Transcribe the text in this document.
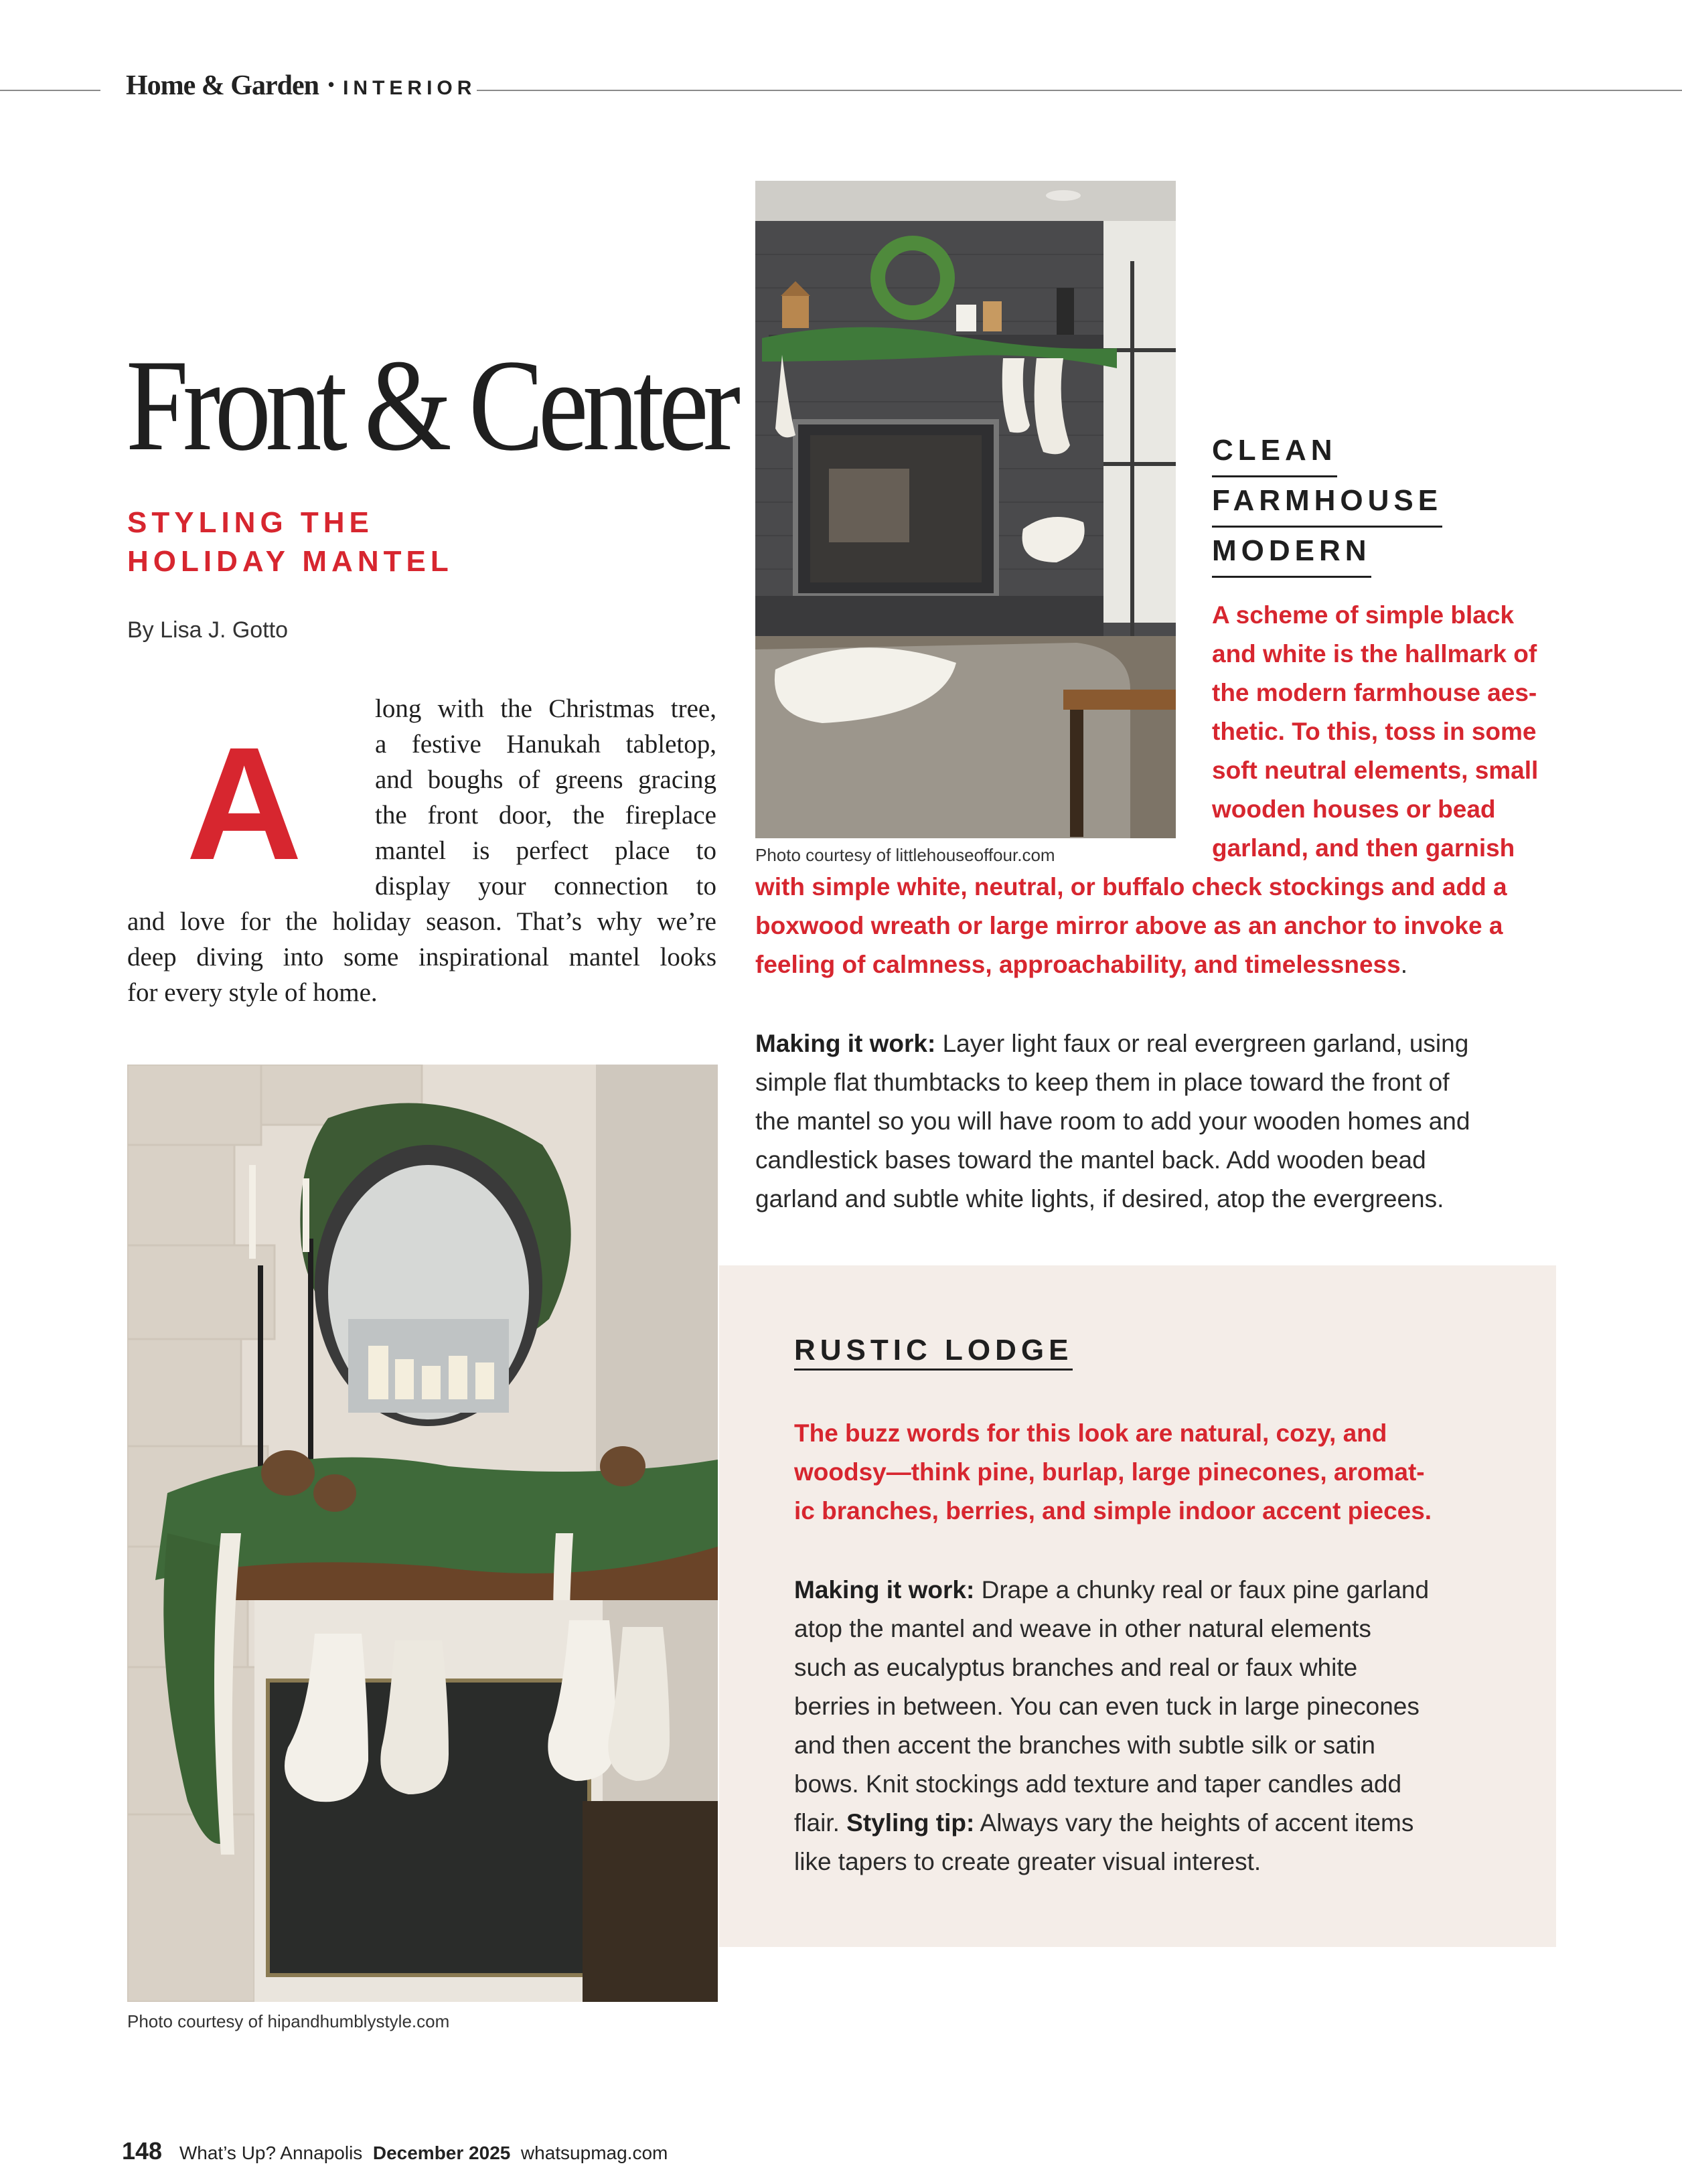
Home & Garden • INTERIOR
Front & Center
STYLING THE
HOLIDAY MANTEL
By Lisa J. Gotto
A
long with the Christmas tree,
a festive Hanukah tabletop,
and boughs of greens gracing
the front door, the fireplace
mantel is perfect place to
display your connection to
and love for the holiday season. That’s why we’re
deep diving into some inspirational mantel looks
for every style of home.
Photo courtesy of littlehouseoffour.com
CLEAN
FARMHOUSE
MODERN
A scheme of simple black
and white is the hallmark of
the modern farmhouse aes-
thetic. To this, toss in some
soft neutral elements, small
wooden houses or bead
garland, and then garnish
with simple white, neutral, or buffalo check stockings and add a
boxwood wreath or large mirror above as an anchor to invoke a
feeling of calmness, approachability, and timelessness.
Making it work: Layer light faux or real evergreen garland, using
simple flat thumbtacks to keep them in place toward the front of
the mantel so you will have room to add your wooden homes and
candlestick bases toward the mantel back. Add wooden bead
garland and subtle white lights, if desired, atop the evergreens.
RUSTIC LODGE
The buzz words for this look are natural, cozy, and
woodsy—think pine, burlap, large pinecones, aromat-
ic branches, berries, and simple indoor accent pieces.
Making it work: Drape a chunky real or faux pine garland
atop the mantel and weave in other natural elements
such as eucalyptus branches and real or faux white
berries in between. You can even tuck in large pinecones
and then accent the branches with subtle silk or satin
bows. Knit stockings add texture and taper candles add
flair. Styling tip: Always vary the heights of accent items
like tapers to create greater visual interest.
Photo courtesy of hipandhumblystyle.com
148 What’s Up? Annapolis December 2025 whatsupmag.com
